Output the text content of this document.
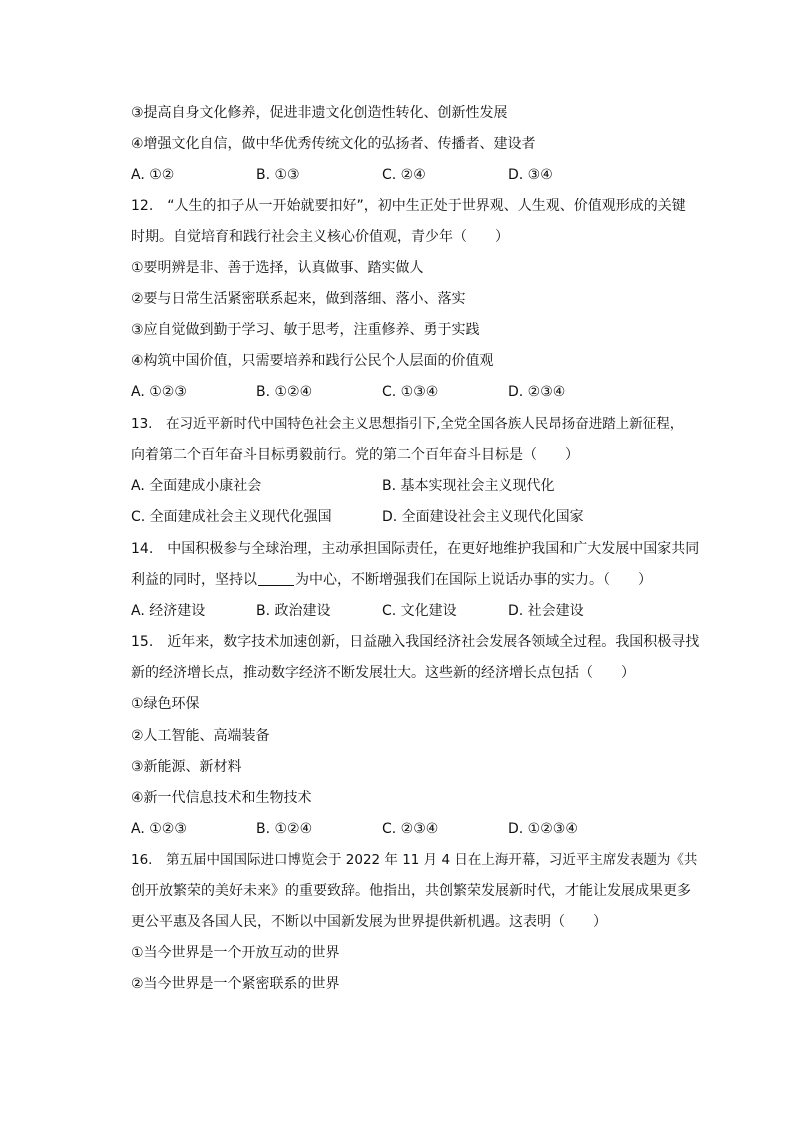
③提高自身文化修养，促进非遗文化创造性转化、创新性发展
④增强文化自信，做中华优秀传统文化的弘扬者、传播者、建设者
A. ①②	B. ①③	C. ②④	D. ③④
12.　“人生的扣子从一开始就要扣好”，初中生正处于世界观、人生观、价值观形成的关键
时期。自觉培育和践行社会主义核心价值观，青少年（　　）
①要明辨是非、善于选择，认真做事、踏实做人
②要与日常生活紧密联系起来，做到落细、落小、落实
③应自觉做到勤于学习、敏于思考，注重修养、勇于实践
④构筑中国价值，只需要培养和践行公民个人层面的价值观
A. ①②③	B. ①②④	C. ①③④	D. ②③④
13.　在习近平新时代中国特色社会主义思想指引下,全党全国各族人民昂扬奋进踏上新征程，
向着第二个百年奋斗目标勇毅前行。党的第二个百年奋斗目标是（　　）
A. 全面建成小康社会	B. 基本实现社会主义现代化
C. 全面建成社会主义现代化强国	D. 全面建设社会主义现代化国家
14.　中国积极参与全球治理，主动承担国际责任，在更好地维护我国和广大发展中国家共同
利益的同时，坚持以	为中心，不断增强我们在国际上说话办事的实力。（　　）
A. 经济建设	B. 政治建设	C. 文化建设	D. 社会建设
15.　近年来，数字技术加速创新，日益融入我国经济社会发展各领域全过程。我国积极寻找
新的经济增长点，推动数字经济不断发展壮大。这些新的经济增长点包括（　　）
①绿色环保
②人工智能、高端装备
③新能源、新材料
④新一代信息技术和生物技术
A. ①②③	B. ①②④	C. ②③④	D. ①②③④
16.　第五届中国国际进口博览会于 2022 年 11 月 4 日在上海开幕，习近平主席发表题为《共
创开放繁荣的美好未来》的重要致辞。他指出，共创繁荣发展新时代，才能让发展成果更多
更公平惠及各国人民，不断以中国新发展为世界提供新机遇。这表明（　　）
①当今世界是一个开放互动的世界
②当今世界是一个紧密联系的世界
